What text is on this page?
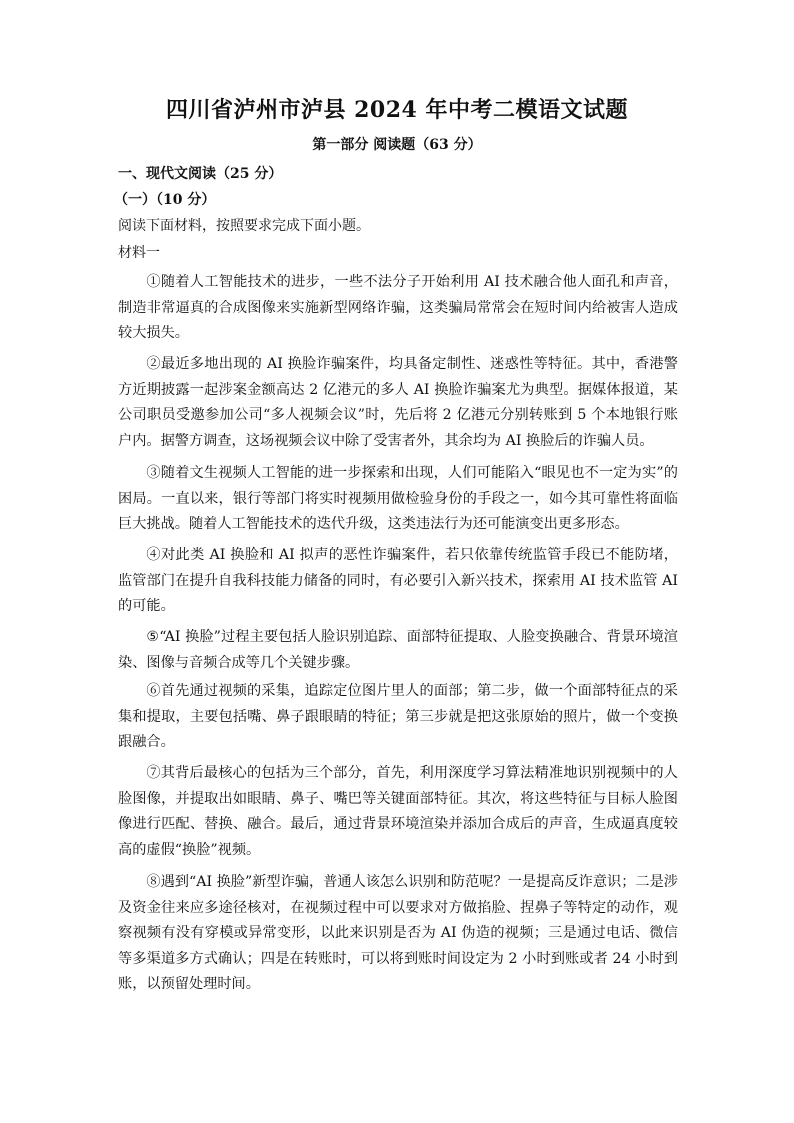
四川省泸州市泸县 2024 年中考二模语文试题
第一部分 阅读题（63 分）
一、现代文阅读（25 分）
（一）（10 分）
阅读下面材料，按照要求完成下面小题。
材料一

①随着人工智能技术的进步，一些不法分子开始利用 AI 技术融合他人面孔和声音，制造非常逼真的合成图像来实施新型网络诈骗，这类骗局常常会在短时间内给被害人造成较大损失。

②最近多地出现的 AI 换脸诈骗案件，均具备定制性、迷惑性等特征。其中，香港警方近期披露一起涉案金额高达 2 亿港元的多人 AI 换脸诈骗案尤为典型。据媒体报道，某公司职员受邀参加公司“多人视频会议”时，先后将 2 亿港元分别转账到 5 个本地银行账户内。据警方调查，这场视频会议中除了受害者外，其余均为 AI 换脸后的诈骗人员。

③随着文生视频人工智能的进一步探索和出现，人们可能陷入“眼见也不一定为实”的困局。一直以来，银行等部门将实时视频用做检验身份的手段之一，如今其可靠性将面临巨大挑战。随着人工智能技术的迭代升级，这类违法行为还可能演变出更多形态。

④对此类 AI 换脸和 AI 拟声的恶性诈骗案件，若只依靠传统监管手段已不能防堵，监管部门在提升自我科技能力储备的同时，有必要引入新兴技术，探索用 AI 技术监管 AI 的可能。

⑤“AI 换脸”过程主要包括人脸识别追踪、面部特征提取、人脸变换融合、背景环境渲染、图像与音频合成等几个关键步骤。

⑥首先通过视频的采集，追踪定位图片里人的面部；第二步，做一个面部特征点的采集和提取，主要包括嘴、鼻子跟眼睛的特征；第三步就是把这张原始的照片，做一个变换跟融合。

⑦其背后最核心的包括为三个部分，首先，利用深度学习算法精准地识别视频中的人脸图像，并提取出如眼睛、鼻子、嘴巴等关键面部特征。其次，将这些特征与目标人脸图像进行匹配、替换、融合。最后，通过背景环境渲染并添加合成后的声音，生成逼真度较高的虚假“换脸”视频。

⑧遇到“AI 换脸”新型诈骗，普通人该怎么识别和防范呢？一是提高反诈意识；二是涉及资金往来应多途径核对，在视频过程中可以要求对方做掐脸、捏鼻子等特定的动作，观察视频有没有穿模或异常变形，以此来识别是否为 AI 伪造的视频；三是通过电话、微信等多渠道多方式确认；四是在转账时，可以将到账时间设定为 2 小时到账或者 24 小时到账，以预留处理时间。
